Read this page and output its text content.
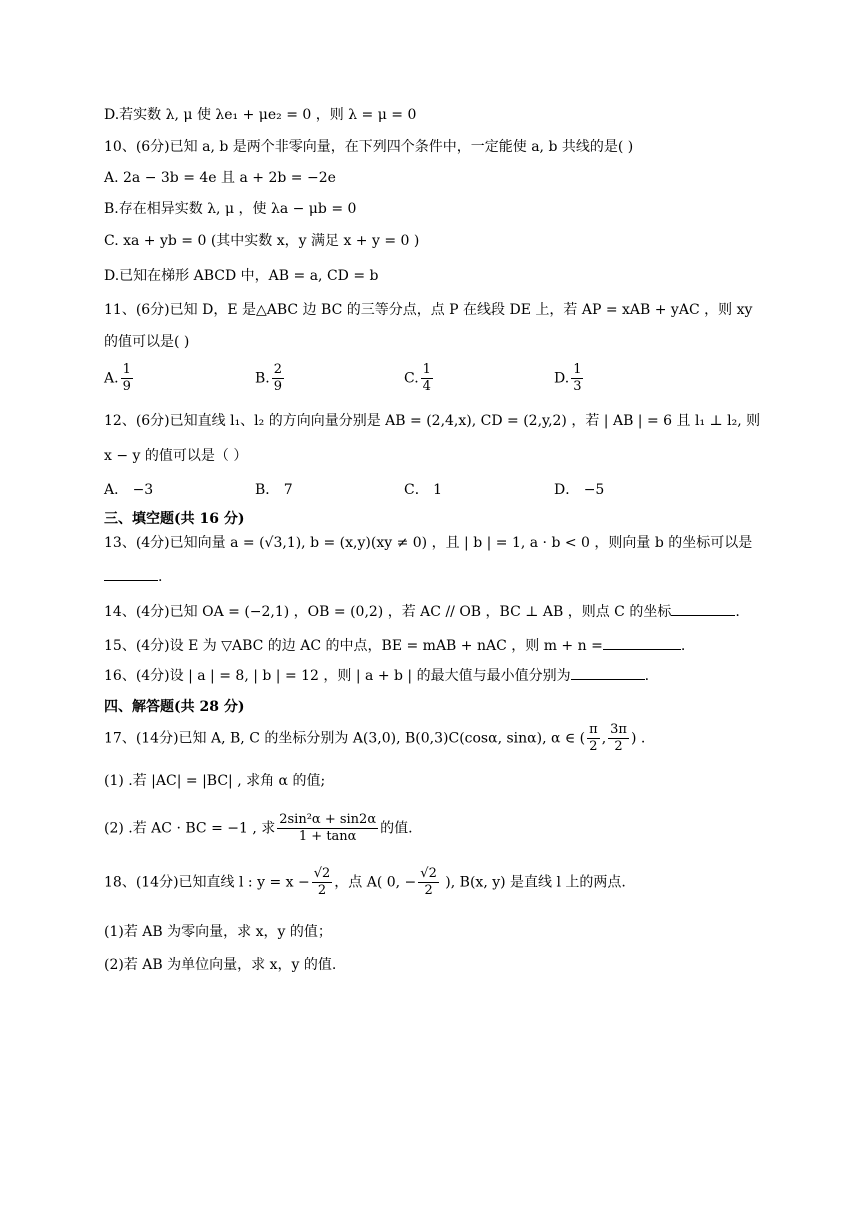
D.若实数 λ, μ 使 λe₁ + μe₂ = 0 ，则 λ = μ = 0
10、(6分)已知 a, b 是两个非零向量，在下列四个条件中，一定能使 a, b 共线的是( )
A. 2a − 3b = 4e 且 a + 2b = −2e
B.存在相异实数 λ, μ ，使 λa − μb = 0
C. xa + yb = 0 (其中实数 x，y 满足 x + y = 0 )
D.已知在梯形 ABCD 中，AB = a, CD = b
11、(6分)已知 D，E 是△ABC 边 BC 的三等分点，点 P 在线段 DE 上，若 AP = xAB + yAC ，则 xy
的值可以是( )
A. $\frac{1}{9}$	B. $\frac{2}{9}$	C. $\frac{1}{4}$	D. $\frac{1}{3}$
12、(6分)已知直线 l₁、l₂ 的方向向量分别是 AB = (2,4,x), CD = (2,y,2) ，若 | AB | = 6 且 l₁ ⊥ l₂, 则
x − y 的值可以是（ ）
A． −3	B． 7	C． 1	D． −5
三、填空题(共 16 分)
13、(4分)已知向量 a = (√3,1), b = (x,y)(xy ≠ 0) ，且 | b | = 1, a · b < 0 ，则向量 b 的坐标可以是
.
14、(4分)已知 OA = (−2,1) ，OB = (0,2) ，若 AC // OB ，BC ⊥ AB ，则点 C 的坐标	.
15、(4分)设 E 为 ▽ABC 的边 AC 的中点，BE = mAB + nAC ，则 m + n =	.
16、(4分)设 | a | = 8, | b | = 12 ，则 | a + b | 的最大值与最小值分别为	.
四、解答题(共 28 分)
17、(14分)已知 A, B, C 的坐标分别为 A(3,0), B(0,3)C(cosα, sinα), α ∈ ( $\frac{\pi}{2}$ , $\frac{3\pi}{2}$ ) .
(1) .若 |AC| = |BC| , 求角 α 的值;
(2) .若 AC · BC = −1 , 求 $\frac{\text{2sin²α + sin2α}}{1 + \tan\alpha}$ 的值.
18、(14分)已知直线 l : $y = x - \frac{√2}{2}$ ，点 A( 0, − $\frac{√2}{2}$ ), B(x, y) 是直线 l 上的两点.
(1)若 AB 为零向量，求 x，y 的值；
(2)若 AB 为单位向量，求 x，y 的值.
